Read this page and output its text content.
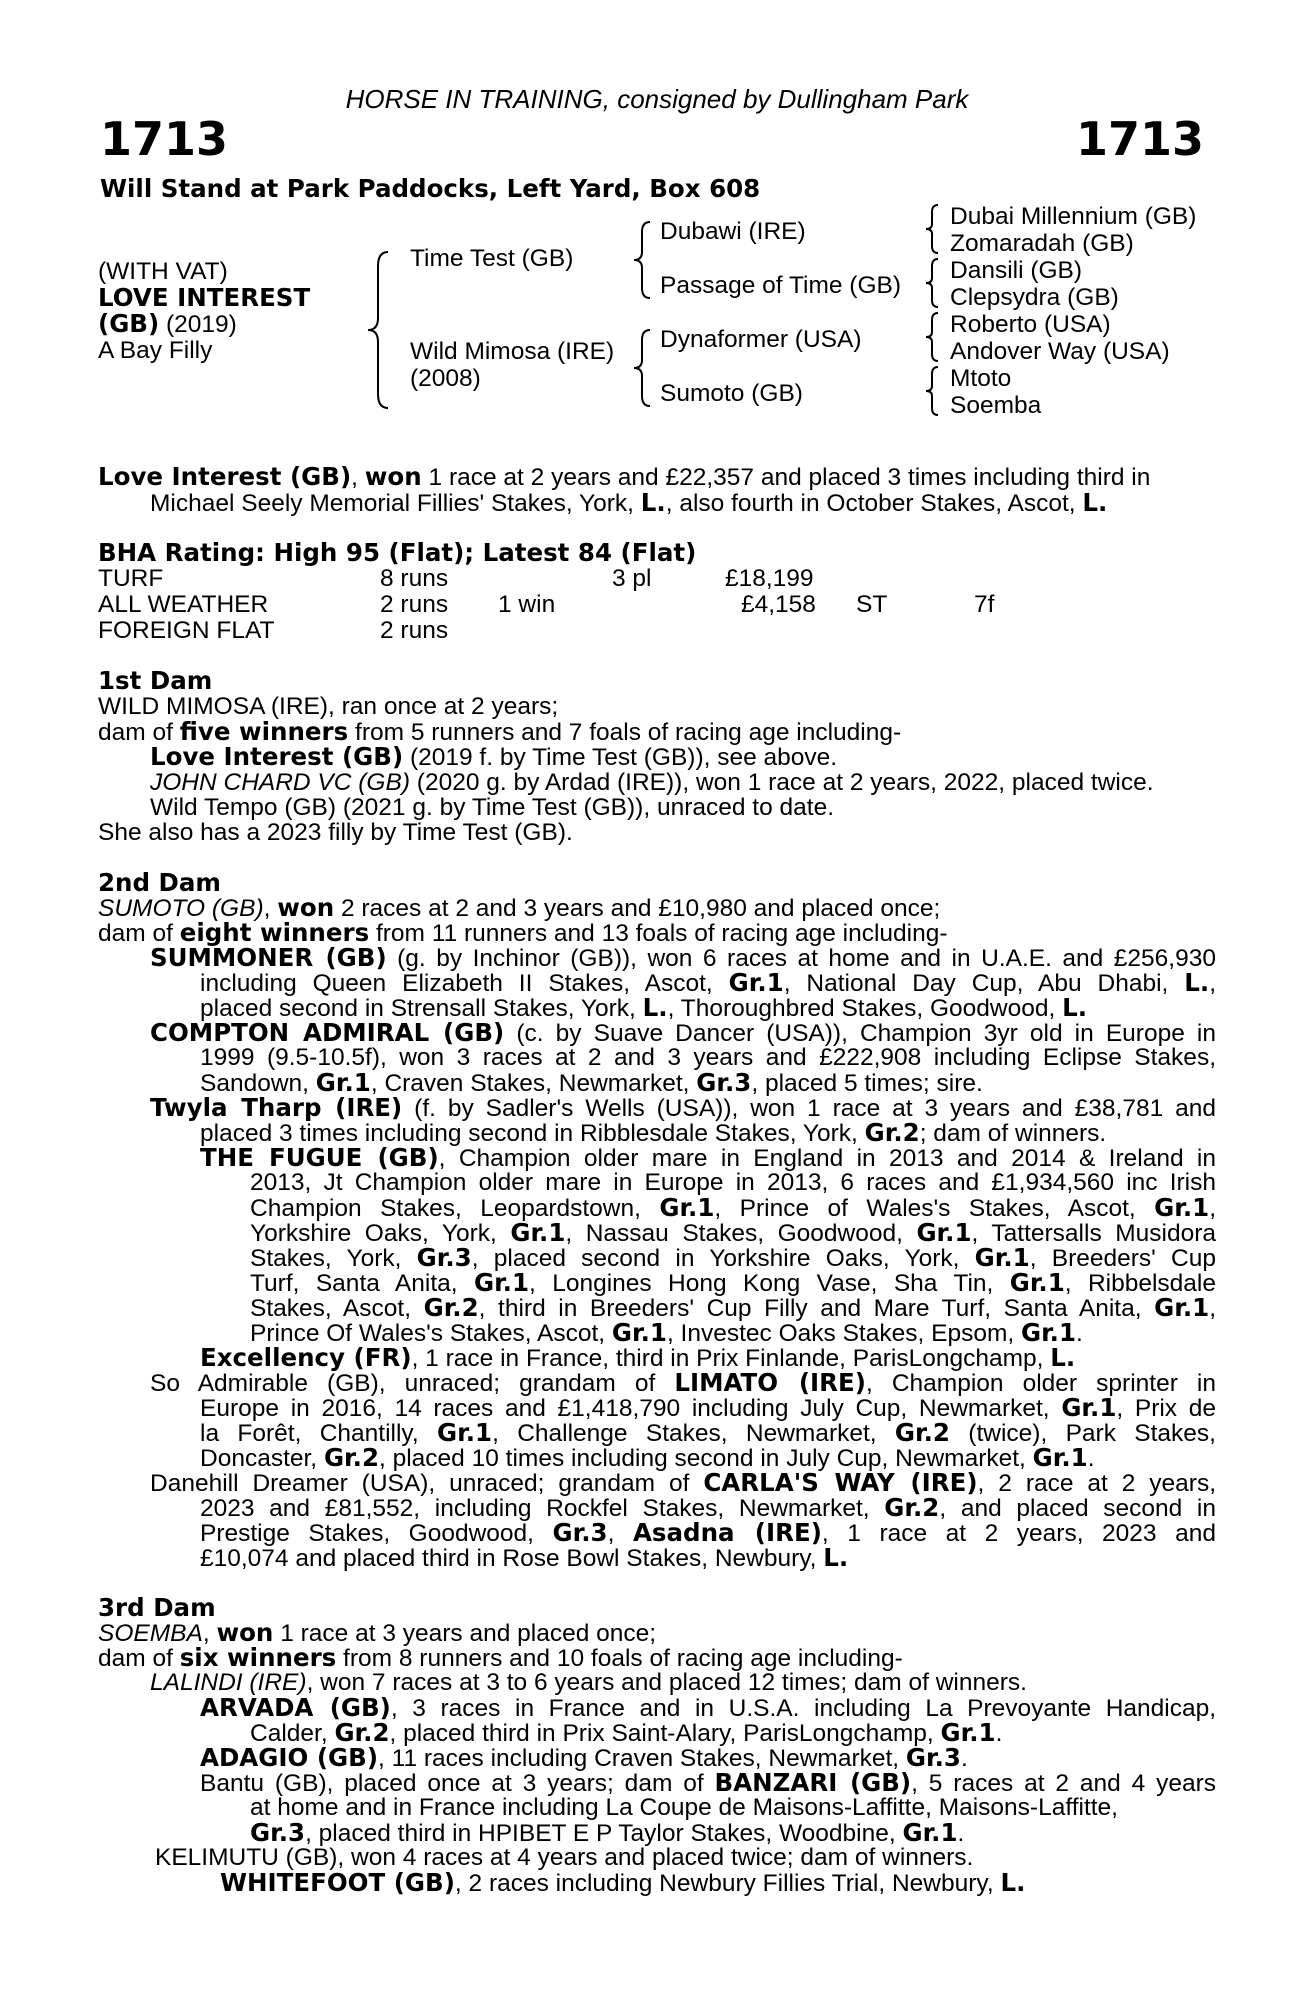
HORSE IN TRAINING, consigned by Dullingham Park
1713	1713
Will Stand at Park Paddocks, Left Yard, Box 608
(WITH VAT)
LOVE INTEREST
(GB) (2019)
A Bay Filly
Time Test (GB)
Wild Mimosa (IRE)
(2008)
Dubawi (IRE)
Passage of Time (GB)
Dynaformer (USA)
Sumoto (GB)
Dubai Millennium (GB)
Zomaradah (GB)
Dansili (GB)
Clepsydra (GB)
Roberto (USA)
Andover Way (USA)
Mtoto
Soemba
Love Interest (GB), won 1 race at 2 years and £22,357 and placed 3 times including third in
Michael Seely Memorial Fillies' Stakes, York, L., also fourth in October Stakes, Ascot, L.
BHA Rating: High 95 (Flat); Latest 84 (Flat)
TURF	8 runs	3 pl	£18,199
ALL WEATHER	2 runs 1 win	£4,158 ST	7f
FOREIGN FLAT	2 runs
1st Dam
WILD MIMOSA (IRE), ran once at 2 years;
dam of five winners from 5 runners and 7 foals of racing age including-
Love Interest (GB) (2019 f. by Time Test (GB)), see above.
JOHN CHARD VC (GB) (2020 g. by Ardad (IRE)), won 1 race at 2 years, 2022, placed twice.
Wild Tempo (GB) (2021 g. by Time Test (GB)), unraced to date.
She also has a 2023 filly by Time Test (GB).
2nd Dam
SUMOTO (GB), won 2 races at 2 and 3 years and £10,980 and placed once;
dam of eight winners from 11 runners and 13 foals of racing age including-
SUMMONER (GB) (g. by Inchinor (GB)), won 6 races at home and in U.A.E. and £256,930
including Queen Elizabeth II Stakes, Ascot, Gr.1, National Day Cup, Abu Dhabi, L.,
placed second in Strensall Stakes, York, L., Thoroughbred Stakes, Goodwood, L.
COMPTON ADMIRAL (GB) (c. by Suave Dancer (USA)), Champion 3yr old in Europe in
1999 (9.5-10.5f), won 3 races at 2 and 3 years and £222,908 including Eclipse Stakes,
Sandown, Gr.1, Craven Stakes, Newmarket, Gr.3, placed 5 times; sire.
Twyla Tharp (IRE) (f. by Sadler's Wells (USA)), won 1 race at 3 years and £38,781 and
placed 3 times including second in Ribblesdale Stakes, York, Gr.2; dam of winners.
THE FUGUE (GB), Champion older mare in England in 2013 and 2014 & Ireland in
2013, Jt Champion older mare in Europe in 2013, 6 races and £1,934,560 inc Irish
Champion Stakes, Leopardstown, Gr.1, Prince of Wales's Stakes, Ascot, Gr.1,
Yorkshire Oaks, York, Gr.1, Nassau Stakes, Goodwood, Gr.1, Tattersalls Musidora
Stakes, York, Gr.3, placed second in Yorkshire Oaks, York, Gr.1, Breeders' Cup
Turf, Santa Anita, Gr.1, Longines Hong Kong Vase, Sha Tin, Gr.1, Ribbelsdale
Stakes, Ascot, Gr.2, third in Breeders' Cup Filly and Mare Turf, Santa Anita, Gr.1,
Prince Of Wales's Stakes, Ascot, Gr.1, Investec Oaks Stakes, Epsom, Gr.1.
Excellency (FR), 1 race in France, third in Prix Finlande, ParisLongchamp, L.
So Admirable (GB), unraced; grandam of LIMATO (IRE), Champion older sprinter in
Europe in 2016, 14 races and £1,418,790 including July Cup, Newmarket, Gr.1, Prix de
la Forêt, Chantilly, Gr.1, Challenge Stakes, Newmarket, Gr.2 (twice), Park Stakes,
Doncaster, Gr.2, placed 10 times including second in July Cup, Newmarket, Gr.1.
Danehill Dreamer (USA), unraced; grandam of CARLA'S WAY (IRE), 2 race at 2 years,
2023 and £81,552, including Rockfel Stakes, Newmarket, Gr.2, and placed second in
Prestige Stakes, Goodwood, Gr.3, Asadna (IRE), 1 race at 2 years, 2023 and
£10,074 and placed third in Rose Bowl Stakes, Newbury, L.
3rd Dam
SOEMBA, won 1 race at 3 years and placed once;
dam of six winners from 8 runners and 10 foals of racing age including-
LALINDI (IRE), won 7 races at 3 to 6 years and placed 12 times; dam of winners.
ARVADA (GB), 3 races in France and in U.S.A. including La Prevoyante Handicap,
Calder, Gr.2, placed third in Prix Saint-Alary, ParisLongchamp, Gr.1.
ADAGIO (GB), 11 races including Craven Stakes, Newmarket, Gr.3.
Bantu (GB), placed once at 3 years; dam of BANZARI (GB), 5 races at 2 and 4 years
at home and in France including La Coupe de Maisons-Laffitte, Maisons-Laffitte,
Gr.3, placed third in HPIBET E P Taylor Stakes, Woodbine, Gr.1.
KELIMUTU (GB), won 4 races at 4 years and placed twice; dam of winners.
WHITEFOOT (GB), 2 races including Newbury Fillies Trial, Newbury, L.
